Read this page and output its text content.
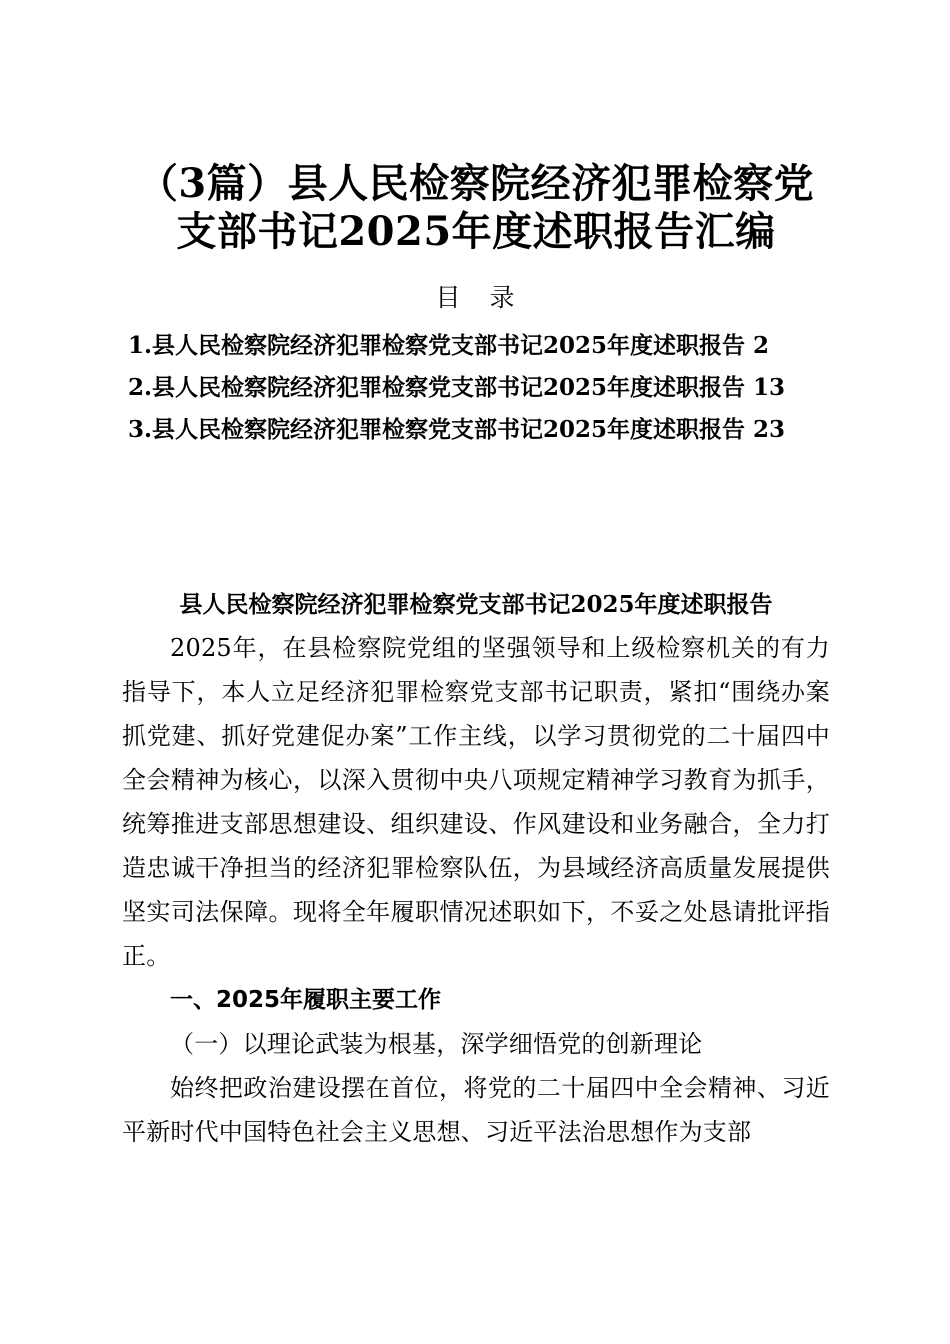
（3篇）县人民检察院经济犯罪检察党支部书记2025年度述职报告汇编
目　录
1.县人民检察院经济犯罪检察党支部书记2025年度述职报告 2
2.县人民检察院经济犯罪检察党支部书记2025年度述职报告 13
3.县人民检察院经济犯罪检察党支部书记2025年度述职报告 23
县人民检察院经济犯罪检察党支部书记2025年度述职报告

2025年，在县检察院党组的坚强领导和上级检察机关的有力指导下，本人立足经济犯罪检察党支部书记职责，紧扣“围绕办案抓党建、抓好党建促办案”工作主线，以学习贯彻党的二十届四中全会精神为核心，以深入贯彻中央八项规定精神学习教育为抓手，统筹推进支部思想建设、组织建设、作风建设和业务融合，全力打造忠诚干净担当的经济犯罪检察队伍，为县域经济高质量发展提供坚实司法保障。现将全年履职情况述职如下，不妥之处恳请批评指正。

一、2025年履职主要工作

（一）以理论武装为根基，深学细悟党的创新理论

始终把政治建设摆在首位，将党的二十届四中全会精神、习近平新时代中国特色社会主义思想、习近平法治思想作为支部
